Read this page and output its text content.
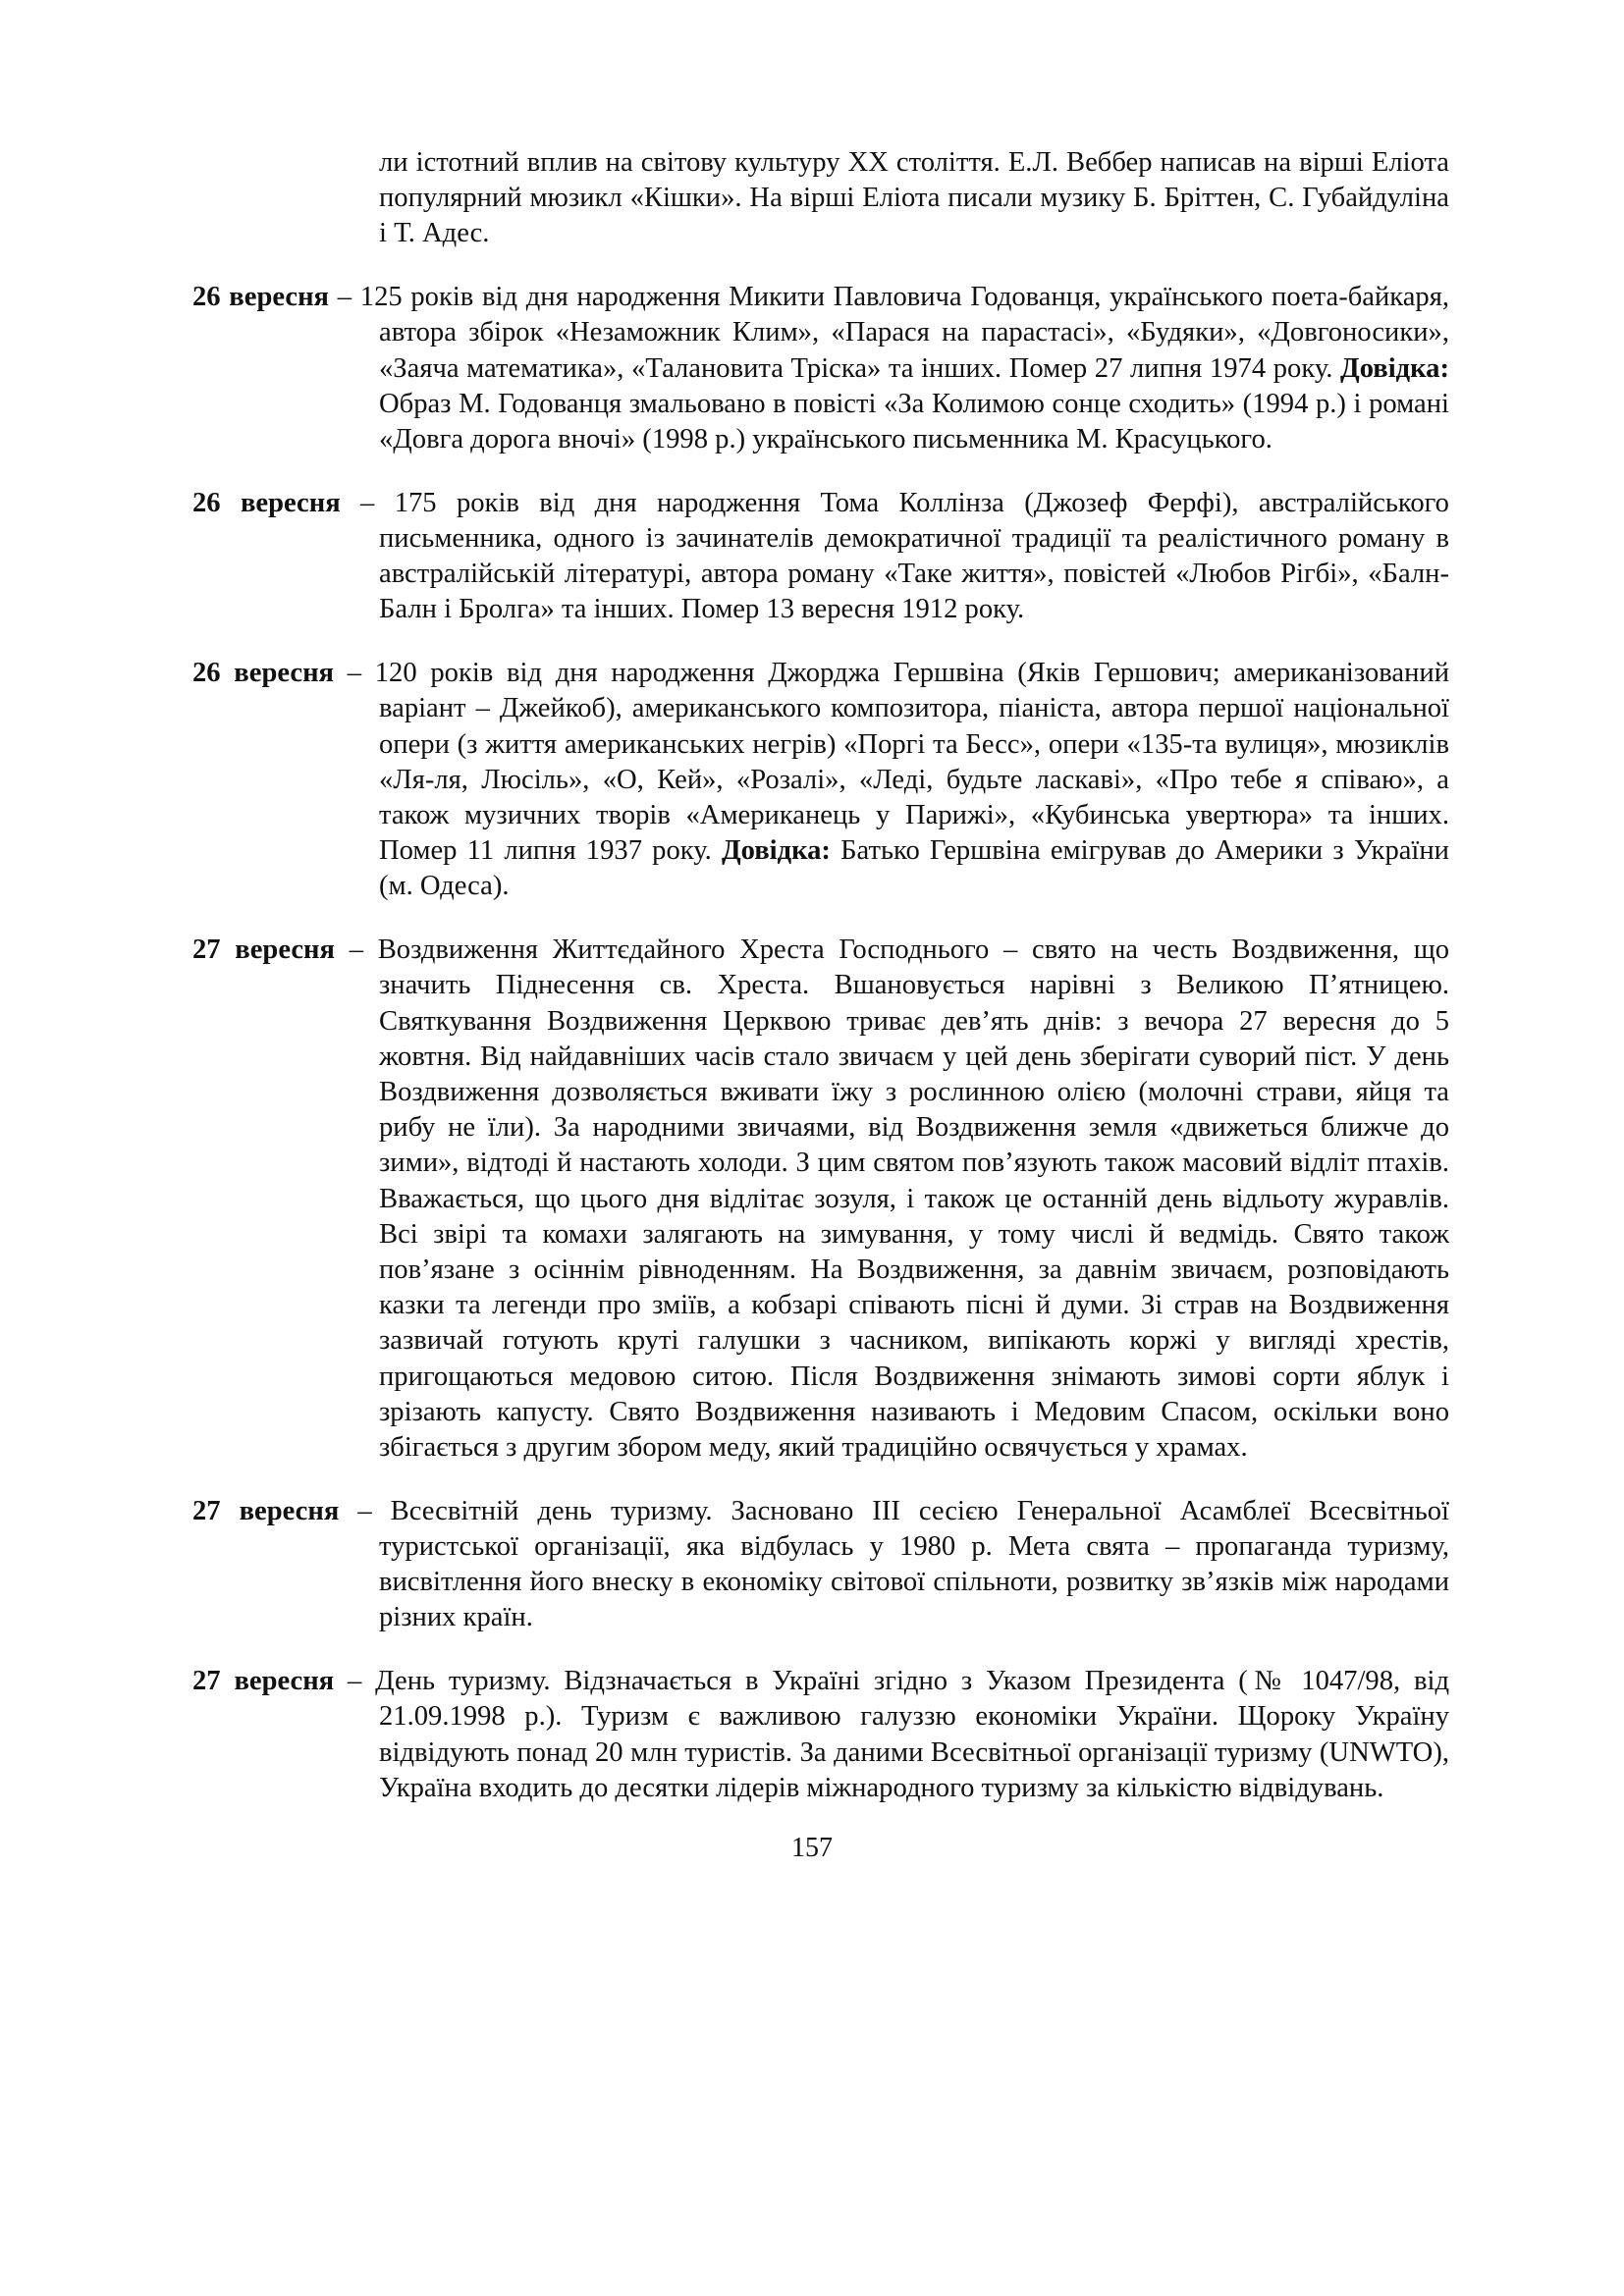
ли істотний вплив на світову культуру XX століття. Е.Л. Веббер написав на вірші Еліота популярний мюзикл «Кішки». На вірші Еліота писали музику Б. Бріттен, С. Губайдуліна і Т. Адес.

26 вересня – 125 років від дня народження Микити Павловича Годованця, українського поета-байкаря, автора збірок «Незаможник Клим», «Парася на парастасі», «Будяки», «Довгоносики», «Заяча математика», «Талановита Тріска» та інших. Помер 27 липня 1974 року. Довідка: Образ М. Годованця змальовано в повісті «За Колимою сонце сходить» (1994 р.) і романі «Довга дорога вночі» (1998 р.) українського письменника М. Красуцького.

26 вересня – 175 років від дня народження Тома Коллінза (Джозеф Ферфі), австралійського письменника, одного із зачинателів демократичної традиції та реалістичного роману в австралійській літературі, автора роману «Таке життя», повістей «Любов Рігбі», «Балн-Балн і Бролга» та інших. Помер 13 вересня 1912 року.

26 вересня – 120 років від дня народження Джорджа Гершвіна (Яків Гершович; американізований варіант – Джейкоб), американського композитора, піаніста, автора першої національної опери (з життя американських негрів) «Поргі та Бесс», опери «135-та вулиця», мюзиклів «Ля-ля, Люсіль», «О, Кей», «Розалі», «Леді, будьте ласкаві», «Про тебе я співаю», а також музичних творів «Американець у Парижі», «Кубинська увертюра» та інших. Помер 11 липня 1937 року. Довідка: Батько Гершвіна емігрував до Америки з України (м. Одеса).

27 вересня – Воздвиження Життєдайного Хреста Господнього – свято на честь Воздвиження, що значить Піднесення св. Хреста. Вшановується нарівні з Великою П’ятницею. Святкування Воздвиження Церквою триває дев’ять днів: з вечора 27 вересня до 5 жовтня. Від найдавніших часів стало звичаєм у цей день зберігати суворий піст. У день Воздвиження дозволяється вживати їжу з рослинною олією (молочні страви, яйця та рибу не їли). За народними звичаями, від Воздвиження земля «движеться ближче до зими», відтоді й настають холоди. З цим святом пов’язують також масовий відліт птахів. Вважається, що цього дня відлітає зозуля, і також це останній день відльоту журавлів. Всі звірі та комахи залягають на зимування, у тому числі й ведмідь. Свято також пов’язане з осіннім рівноденням. На Воздвиження, за давнім звичаєм, розповідають казки та легенди про зміїв, а кобзарі співають пісні й думи. Зі страв на Воздвиження зазвичай готують круті галушки з часником, випікають коржі у вигляді хрестів, пригощаються медовою ситою. Після Воздвиження знімають зимові сорти яблук і зрізають капусту. Свято Воздвиження називають і Медовим Спасом, оскільки воно збігається з другим збором меду, який традиційно освячується у храмах.

27 вересня – Всесвітній день туризму. Засновано III сесією Генеральної Асамблеї Всесвітньої туристської організації, яка відбулась у 1980 р. Мета свята – пропаганда туризму, висвітлення його внеску в економіку світової спільноти, розвитку зв’язків між народами різних країн.

27 вересня – День туризму. Відзначається в Україні згідно з Указом Президента (№ 1047/98, від 21.09.1998 р.). Туризм є важливою галуззю економіки України. Щороку Україну відвідують понад 20 млн туристів. За даними Всесвітньої організації туризму (UNWTO), Україна входить до десятки лідерів міжнародного туризму за кількістю відвідувань.

157
